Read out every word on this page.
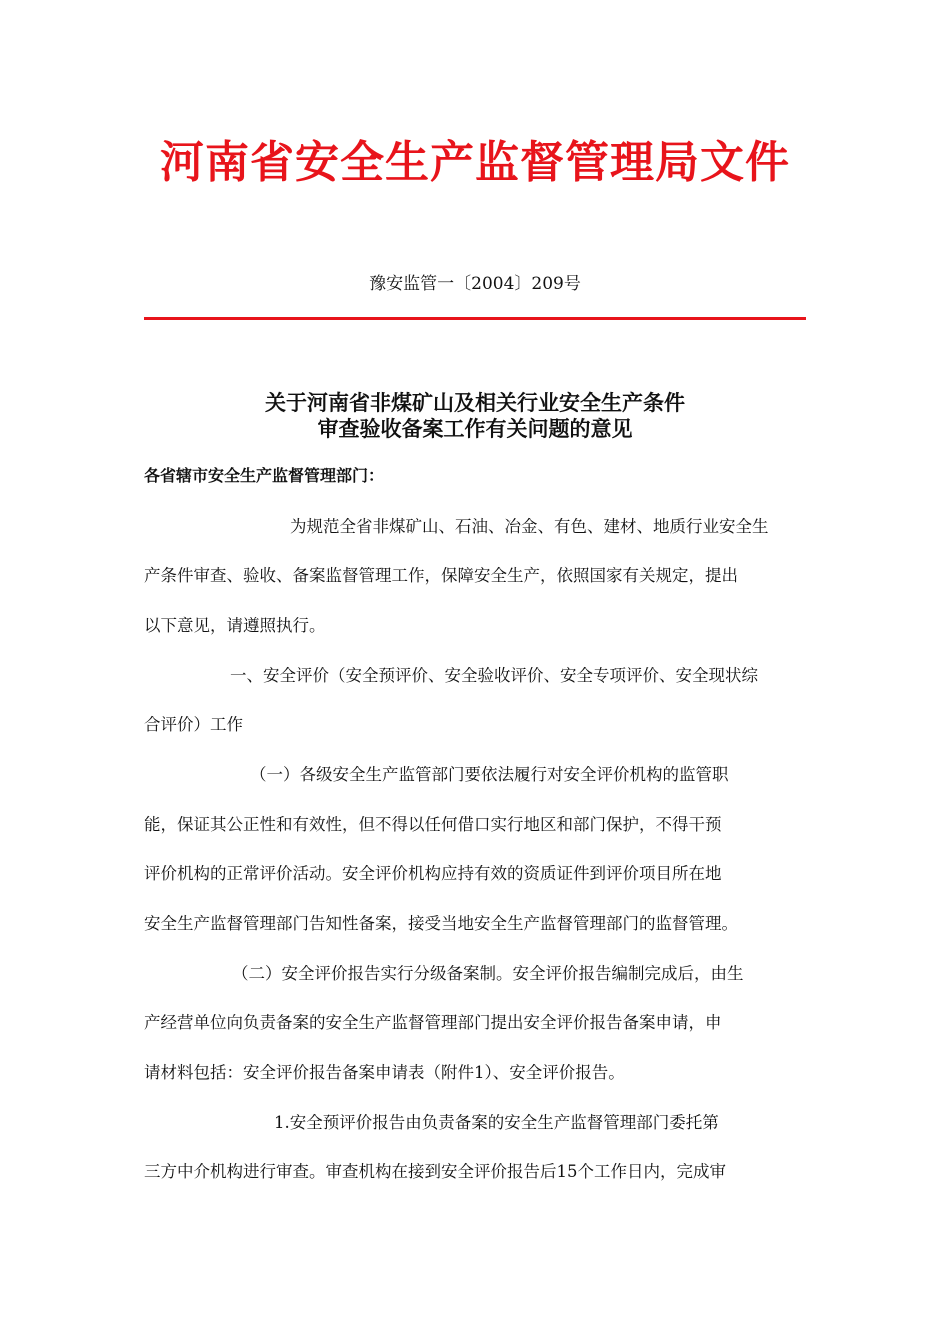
河南省安全生产监督管理局文件
豫安监管一〔2004〕209号
关于河南省非煤矿山及相关行业安全生产条件
审查验收备案工作有关问题的意见
各省辖市安全生产监督管理部门：
为规范全省非煤矿山、石油、冶金、有色、建材、地质行业安全生
产条件审查、验收、备案监督管理工作，保障安全生产，依照国家有关规定，提出
以下意见，请遵照执行。
一、安全评价（安全预评价、安全验收评价、安全专项评价、安全现状综
合评价）工作
（一）各级安全生产监管部门要依法履行对安全评价机构的监管职
能，保证其公正性和有效性，但不得以任何借口实行地区和部门保护，不得干预
评价机构的正常评价活动。安全评价机构应持有效的资质证件到评价项目所在地
安全生产监督管理部门告知性备案，接受当地安全生产监督管理部门的监督管理。
（二）安全评价报告实行分级备案制。安全评价报告编制完成后，由生
产经营单位向负责备案的安全生产监督管理部门提出安全评价报告备案申请，申
请材料包括：安全评价报告备案申请表（附件1）、安全评价报告。
1.安全预评价报告由负责备案的安全生产监督管理部门委托第
三方中介机构进行审查。审查机构在接到安全评价报告后15个工作日内，完成审
